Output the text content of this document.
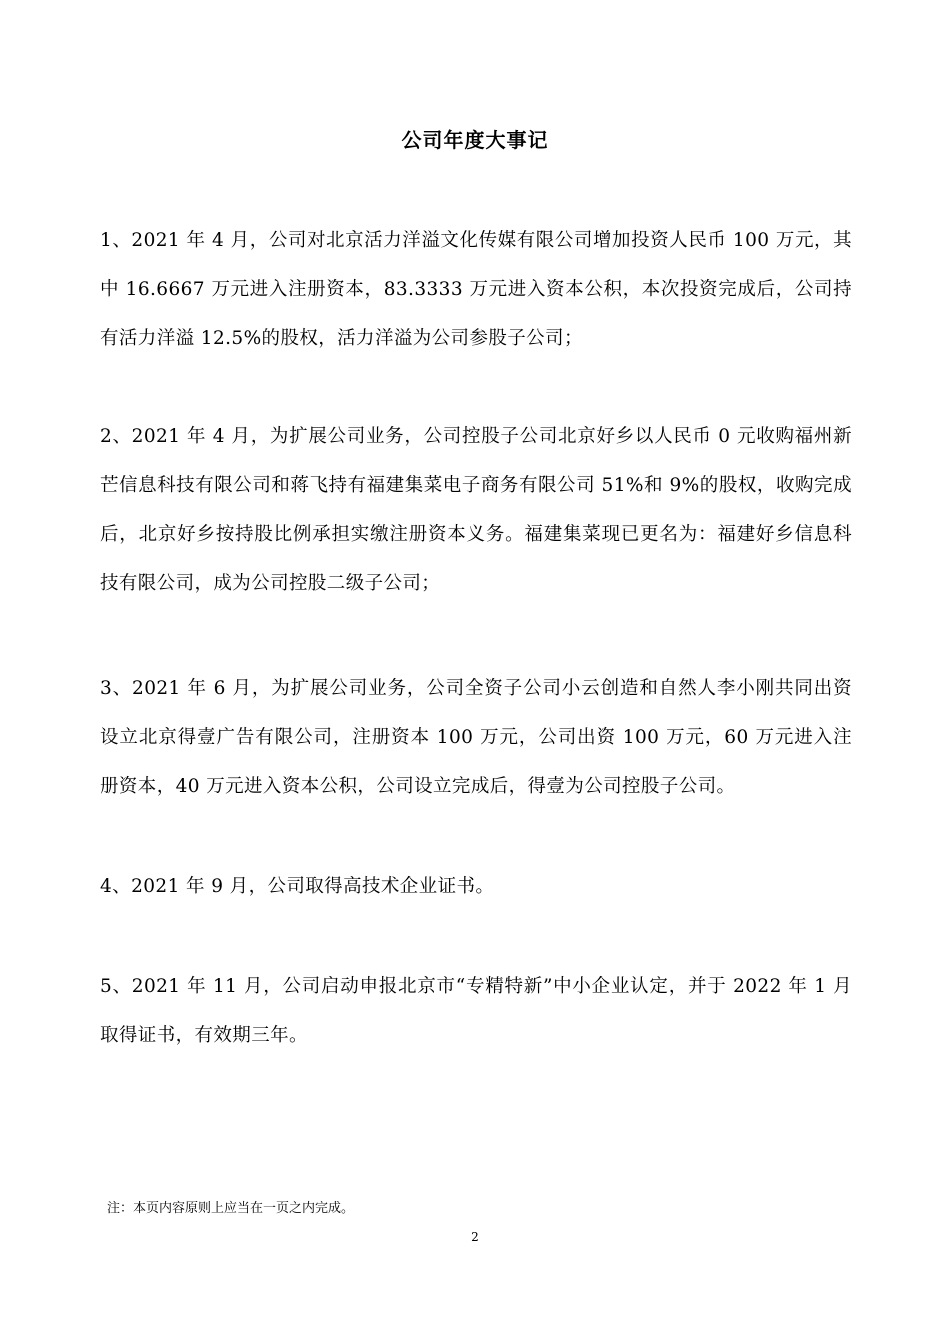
公司年度大事记

1、2021 年 4 月，公司对北京活力洋溢文化传媒有限公司增加投资人民币 100 万元，其中 16.6667 万元进入注册资本，83.3333 万元进入资本公积，本次投资完成后，公司持有活力洋溢 12.5%的股权，活力洋溢为公司参股子公司；

2、2021 年 4 月，为扩展公司业务，公司控股子公司北京好乡以人民币 0 元收购福州新芒信息科技有限公司和蒋飞持有福建集菜电子商务有限公司 51%和 9%的股权，收购完成后，北京好乡按持股比例承担实缴注册资本义务。福建集菜现已更名为：福建好乡信息科技有限公司，成为公司控股二级子公司；

3、2021 年 6 月，为扩展公司业务，公司全资子公司小云创造和自然人李小刚共同出资设立北京得壹广告有限公司，注册资本 100 万元，公司出资 100 万元，60 万元进入注册资本，40 万元进入资本公积，公司设立完成后，得壹为公司控股子公司。

4、2021 年 9 月，公司取得高技术企业证书。

5、2021 年 11 月，公司启动申报北京市“专精特新”中小企业认定，并于 2022 年 1 月取得证书，有效期三年。

注：本页内容原则上应当在一页之内完成。
2
